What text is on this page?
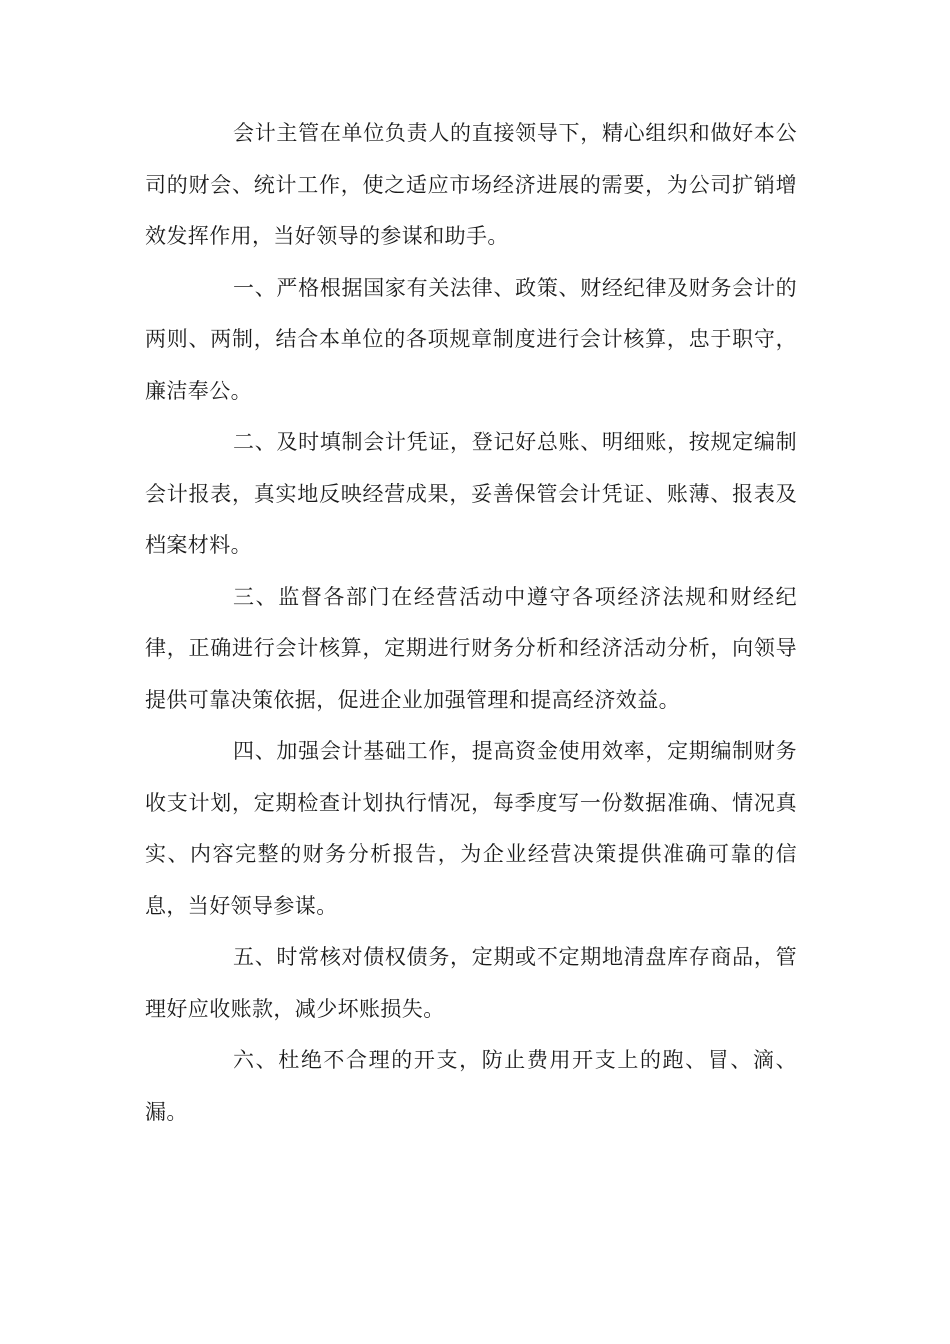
会计主管在单位负责人的直接领导下，精心组织和做好本公司的财会、统计工作，使之适应市场经济进展的需要，为公司扩销增效发挥作用，当好领导的参谋和助手。

一、严格根据国家有关法律、政策、财经纪律及财务会计的两则、两制，结合本单位的各项规章制度进行会计核算，忠于职守，廉洁奉公。

二、及时填制会计凭证，登记好总账、明细账，按规定编制会计报表，真实地反映经营成果，妥善保管会计凭证、账薄、报表及档案材料。

三、监督各部门在经营活动中遵守各项经济法规和财经纪律，正确进行会计核算，定期进行财务分析和经济活动分析，向领导提供可靠决策依据，促进企业加强管理和提高经济效益。

四、加强会计基础工作，提高资金使用效率，定期编制财务收支计划，定期检查计划执行情况，每季度写一份数据准确、情况真实、内容完整的财务分析报告，为企业经营决策提供准确可靠的信息，当好领导参谋。

五、时常核对债权债务，定期或不定期地清盘库存商品，管理好应收账款，减少坏账损失。

六、杜绝不合理的开支，防止费用开支上的跑、冒、滴、漏。
